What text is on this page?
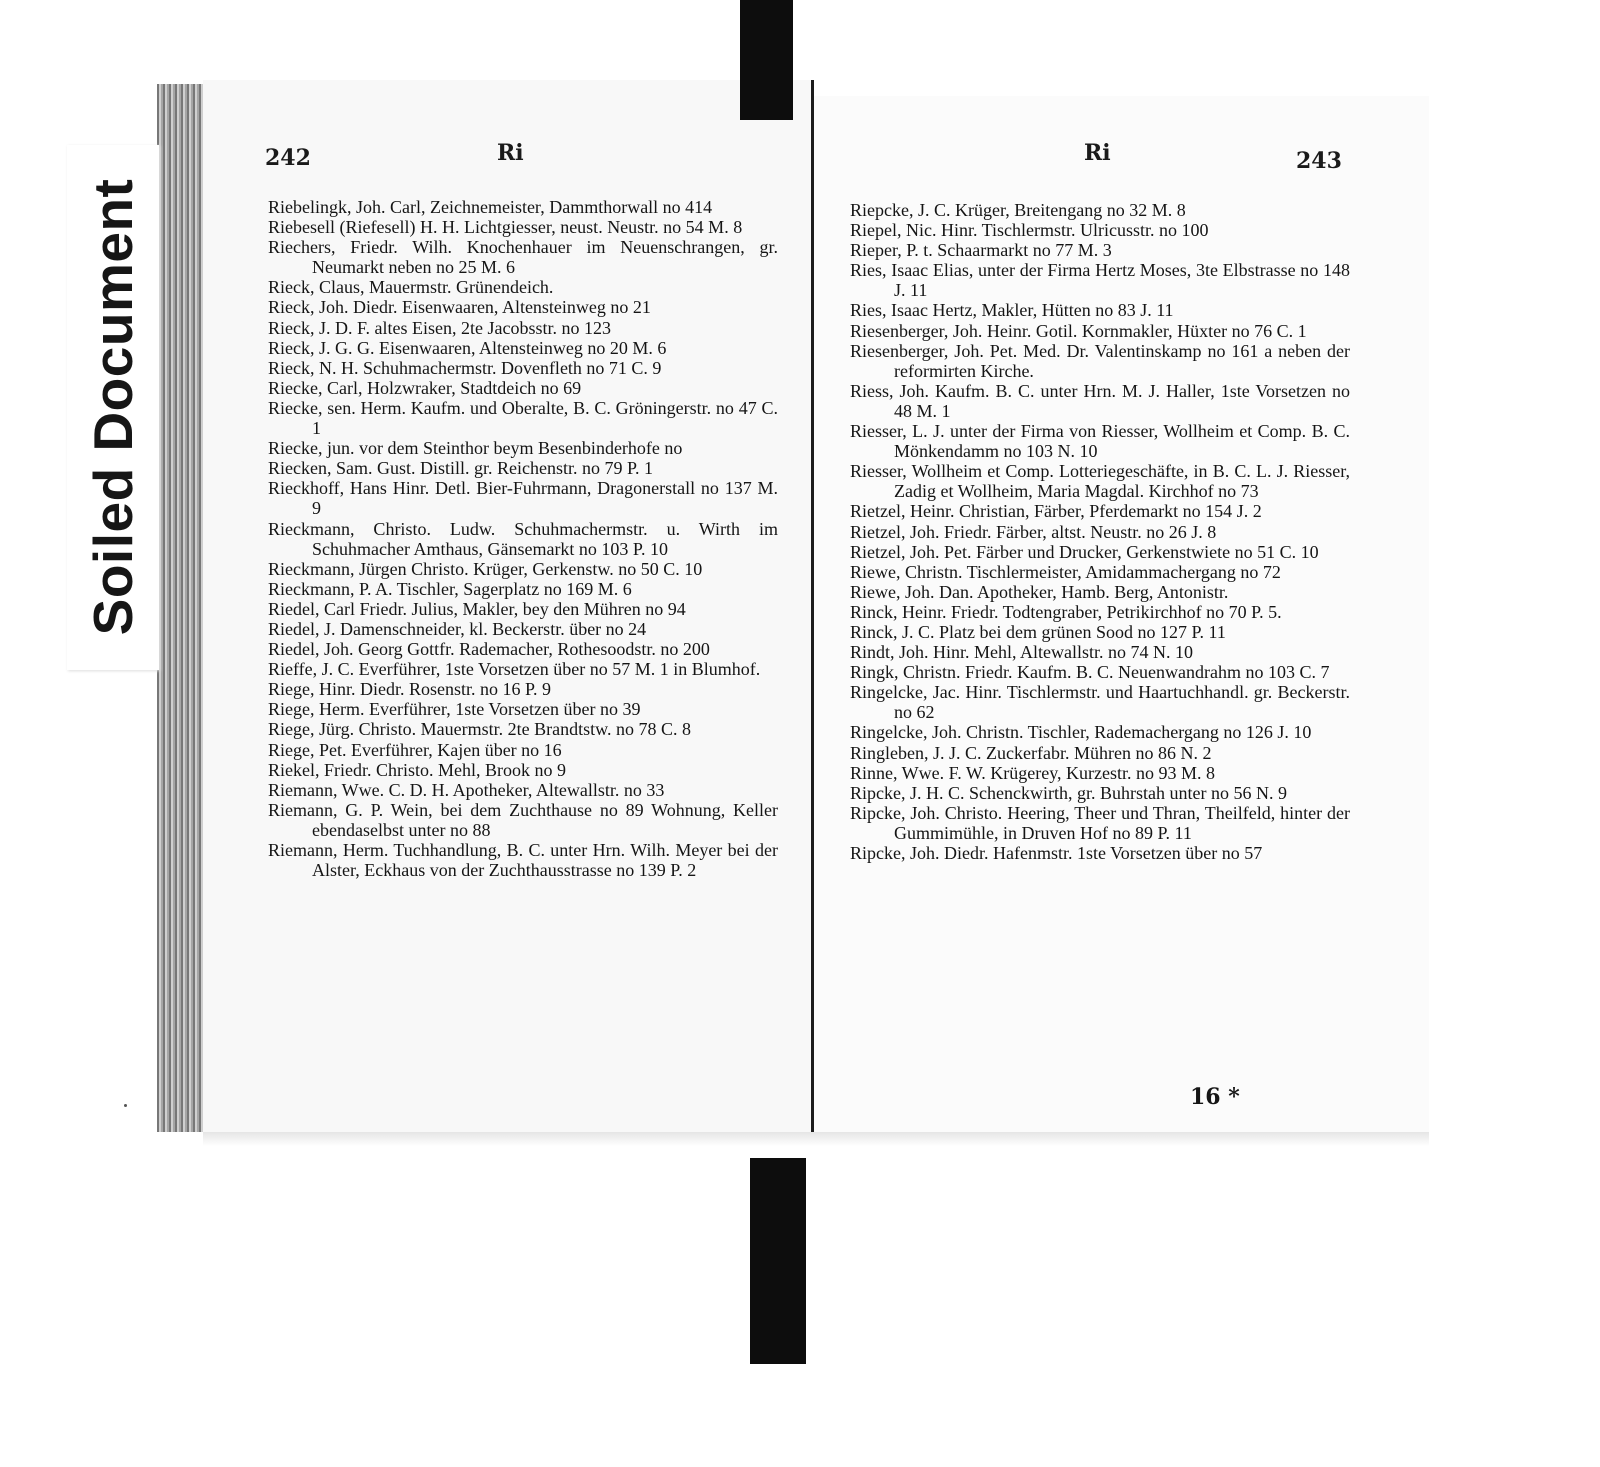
Soiled Document
242	Ri	Ri	243

Riebelingk, Joh. Carl, Zeichnemeister, Dammthorwall no 414

Riebesell (Riefesell) H. H. Lichtgiesser, neust. Neustr. no 54 M. 8

Riechers, Friedr. Wilh. Knochenhauer im Neuenschrangen, gr. Neumarkt neben no 25 M. 6

Rieck, Claus, Mauermstr. Grünendeich.

Rieck, Joh. Diedr. Eisenwaaren, Altensteinweg no 21

Rieck, J. D. F. altes Eisen, 2te Jacobsstr. no 123

Rieck, J. G. G. Eisenwaaren, Altensteinweg no 20 M. 6

Rieck, N. H. Schuhmachermstr. Dovenfleth no 71 C. 9

Riecke, Carl, Holzwraker, Stadtdeich no 69

Riecke, sen. Herm. Kaufm. und Oberalte, B. C. Gröningerstr. no 47 C. 1

Riecke, jun. vor dem Steinthor beym Besenbinderhofe no

Riecken, Sam. Gust. Distill. gr. Reichenstr. no 79 P. 1

Rieckhoff, Hans Hinr. Detl. Bier-Fuhrmann, Dragonerstall no 137 M. 9

Rieckmann, Christo. Ludw. Schuhmachermstr. u. Wirth im Schuhmacher Amthaus, Gänsemarkt no 103 P. 10

Rieckmann, Jürgen Christo. Krüger, Gerkenstw. no 50 C. 10

Rieckmann, P. A. Tischler, Sagerplatz no 169 M. 6

Riedel, Carl Friedr. Julius, Makler, bey den Mühren no 94

Riedel, J. Damenschneider, kl. Beckerstr. über no 24

Riedel, Joh. Georg Gottfr. Rademacher, Rothesoodstr. no 200

Rieffe, J. C. Everführer, 1ste Vorsetzen über no 57 M. 1 in Blumhof.

Riege, Hinr. Diedr. Rosenstr. no 16 P. 9

Riege, Herm. Everführer, 1ste Vorsetzen über no 39

Riege, Jürg. Christo. Mauermstr. 2te Brandtstw. no 78 C. 8

Riege, Pet. Everführer, Kajen über no 16

Riekel, Friedr. Christo. Mehl, Brook no 9

Riemann, Wwe. C. D. H. Apotheker, Altewallstr. no 33

Riemann, G. P. Wein, bei dem Zuchthause no 89 Wohnung, Keller ebendaselbst unter no 88

Riemann, Herm. Tuchhandlung, B. C. unter Hrn. Wilh. Meyer bei der Alster, Eckhaus von der Zuchthausstrasse no 139 P. 2

Riepcke, J. C. Krüger, Breitengang no 32 M. 8

Riepel, Nic. Hinr. Tischlermstr. Ulricusstr. no 100

Rieper, P. t. Schaarmarkt no 77 M. 3

Ries, Isaac Elias, unter der Firma Hertz Moses, 3te Elbstrasse no 148 J. 11

Ries, Isaac Hertz, Makler, Hütten no 83 J. 11

Riesenberger, Joh. Heinr. Gotil. Kornmakler, Hüxter no 76 C. 1

Riesenberger, Joh. Pet. Med. Dr. Valentinskamp no 161 a neben der reformirten Kirche.

Riess, Joh. Kaufm. B. C. unter Hrn. M. J. Haller, 1ste Vorsetzen no 48 M. 1

Riesser, L. J. unter der Firma von Riesser, Wollheim et Comp. B. C. Mönkendamm no 103 N. 10

Riesser, Wollheim et Comp. Lotteriegeschäfte, in B. C. L. J. Riesser, Zadig et Wollheim, Maria Magdal. Kirchhof no 73

Rietzel, Heinr. Christian, Färber, Pferdemarkt no 154 J. 2

Rietzel, Joh. Friedr. Färber, altst. Neustr. no 26 J. 8

Rietzel, Joh. Pet. Färber und Drucker, Gerkenstwiete no 51 C. 10

Riewe, Christn. Tischlermeister, Amidammachergang no 72

Riewe, Joh. Dan. Apotheker, Hamb. Berg, Antonistr.

Rinck, Heinr. Friedr. Todtengraber, Petrikirchhof no 70 P. 5.

Rinck, J. C. Platz bei dem grünen Sood no 127 P. 11

Rindt, Joh. Hinr. Mehl, Altewallstr. no 74 N. 10

Ringk, Christn. Friedr. Kaufm. B. C. Neuenwandrahm no 103 C. 7

Ringelcke, Jac. Hinr. Tischlermstr. und Haartuchhandl. gr. Beckerstr. no 62

Ringelcke, Joh. Christn. Tischler, Rademachergang no 126 J. 10

Ringleben, J. J. C. Zuckerfabr. Mühren no 86 N. 2

Rinne, Wwe. F. W. Krügerey, Kurzestr. no 93 M. 8

Ripcke, J. H. C. Schenckwirth, gr. Buhrstah unter no 56 N. 9

Ripcke, Joh. Christo. Heering, Theer und Thran, Theilfeld, hinter der Gummimühle, in Druven Hof no 89 P. 11

Ripcke, Joh. Diedr. Hafenmstr. 1ste Vorsetzen über no 57

16 *
